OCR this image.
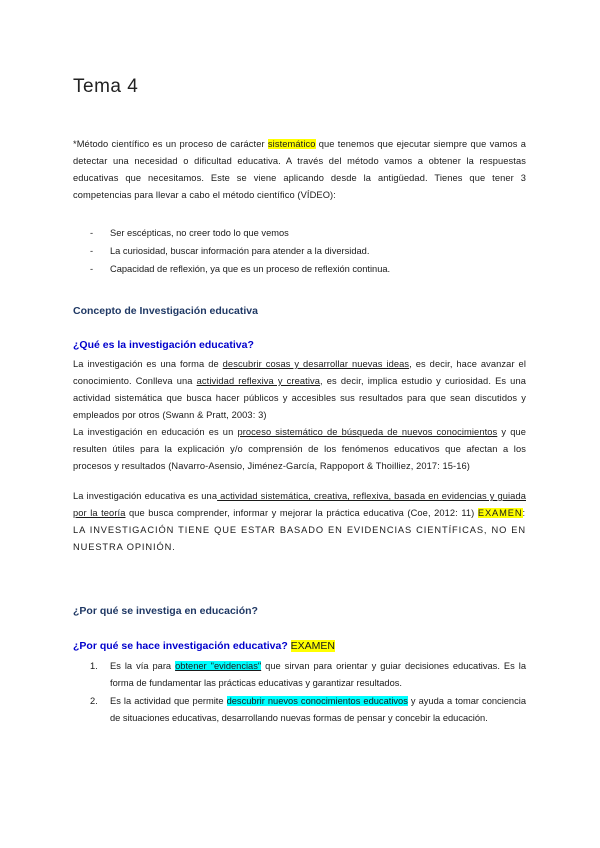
Tema 4

*Método científico es un proceso de carácter sistemático que tenemos que ejecutar siempre que vamos a detectar una necesidad o dificultad educativa. A través del método vamos a obtener la respuestas educativas que necesitamos. Este se viene aplicando desde la antigüedad. Tienes que tener 3 competencias para llevar a cabo el método científico (VÍDEO):

- Ser escépticas, no creer todo lo que vemos
- La curiosidad, buscar información para atender a la diversidad.
- Capacidad de reflexión, ya que es un proceso de reflexión continua.
Concepto de Investigación educativa
¿Qué es la investigación educativa?

La investigación es una forma de descubrir cosas y desarrollar nuevas ideas, es decir, hace avanzar el conocimiento. Conlleva una actividad reflexiva y creativa, es decir, implica estudio y curiosidad. Es una actividad sistemática que busca hacer públicos y accesibles sus resultados para que sean discutidos y empleados por otros (Swann & Pratt, 2003: 3)

La investigación en educación es un proceso sistemático de búsqueda de nuevos conocimientos y que resulten útiles para la explicación y/o comprensión de los fenómenos educativos que afectan a los procesos y resultados (Navarro-Asensio, Jiménez-García, Rappoport & Thoilliez, 2017: 15-16)

La investigación educativa es una actividad sistemática, creativa, reflexiva, basada en evidencias y guiada por la teoría que busca comprender, informar y mejorar la práctica educativa (Coe, 2012: 11) EXAMEN: LA INVESTIGACIÓN TIENE QUE ESTAR BASADO EN EVIDENCIAS CIENTÍFICAS, NO EN NUESTRA OPINIÓN.

¿Por qué se investiga en educación?
¿Por qué se hace investigación educativa? EXAMEN
1. Es la vía para obtener "evidencias" que sirvan para orientar y guiar decisiones educativas. Es la forma de fundamentar las prácticas educativas y garantizar resultados.
2. Es la actividad que permite descubrir nuevos conocimientos educativos y ayuda a tomar conciencia de situaciones educativas, desarrollando nuevas formas de pensar y concebir la educación.
